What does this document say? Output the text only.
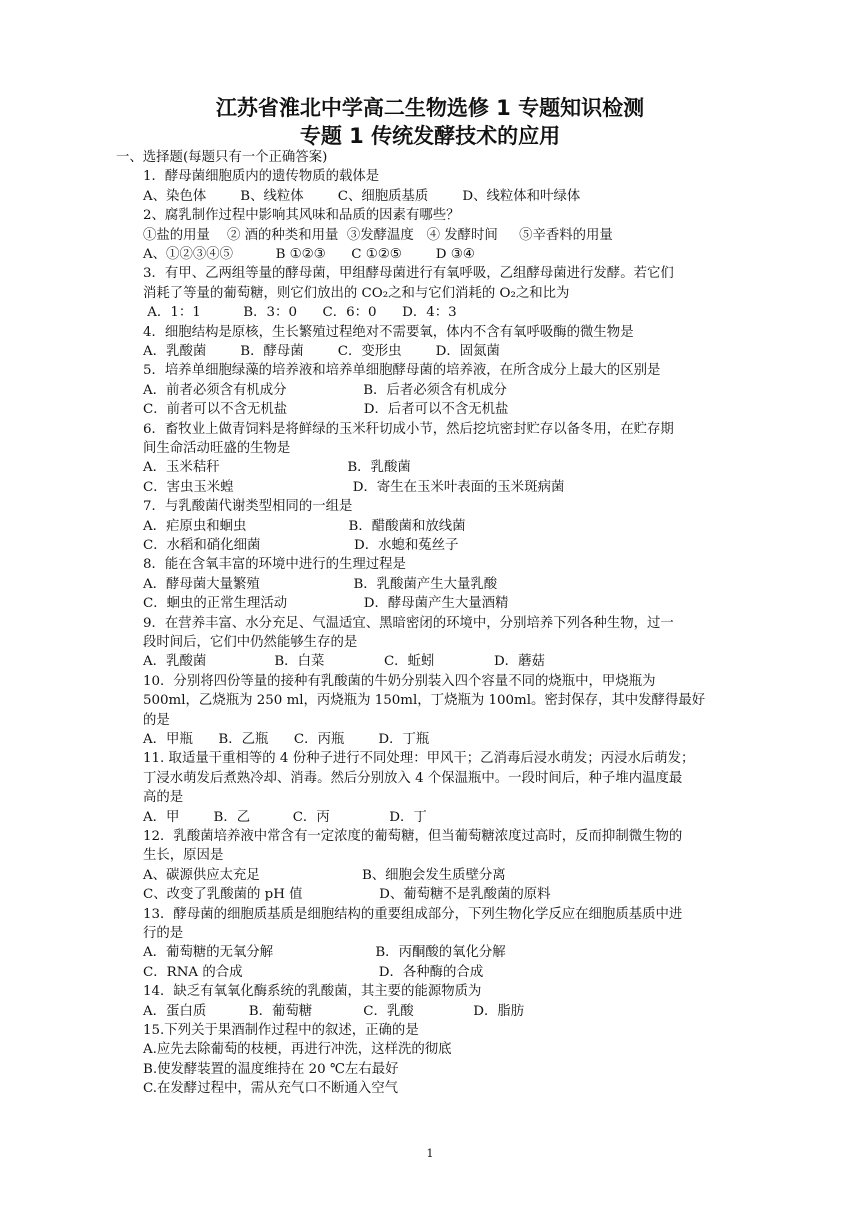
江苏省淮北中学高二生物选修 1 专题知识检测
专题 1 传统发酵技术的应用
一、选择题(每题只有一个正确答案)
1．酵母菌细胞质内的遗传物质的载体是
A、染色体        B、线粒体        C、细胞质基质        D、线粒体和叶绿体
2、腐乳制作过程中影响其风味和品质的因素有哪些？
①盐的用量    ② 酒的种类和用量  ③发酵温度   ④ 发酵时间     ⑤辛香料的用量
A、①②③④⑤          B ①②③      C ①②⑤        D ③④
3．有甲、乙两组等量的酵母菌，甲组酵母菌进行有氧呼吸，乙组酵母菌进行发酵。若它们
消耗了等量的葡萄糖，则它们放出的 CO₂之和与它们消耗的 O₂之和比为
A．1：1          B．3：0      C．6：0      D．4：3
4．细胞结构是原核，生长繁殖过程绝对不需要氧，体内不含有氧呼吸酶的微生物是
A．乳酸菌        B．酵母菌        C．变形虫        D．固氮菌
5．培养单细胞绿藻的培养液和培养单细胞酵母菌的培养液，在所含成分上最大的区别是
A．前者必须含有机成分                  B．后者必须含有机成分
C．前者可以不含无机盐                  D．后者可以不含无机盐
6．畜牧业上做青饲料是将鲜绿的玉米秆切成小节，然后挖坑密封贮存以备冬用，在贮存期
间生命活动旺盛的生物是
A．玉米秸秆                              B．乳酸菌
C．害虫玉米蝗                            D．寄生在玉米叶表面的玉米斑病菌
7．与乳酸菌代谢类型相同的一组是
A．疟原虫和蛔虫                        B．醋酸菌和放线菌
C．水稻和硝化细菌                      D．水螅和菟丝子
8．能在含氧丰富的环境中进行的生理过程是
A．酵母菌大量繁殖                      B．乳酸菌产生大量乳酸
C．蛔虫的正常生理活动                  D．酵母菌产生大量酒精
9．在营养丰富、水分充足、气温适宜、黑暗密闭的环境中，分别培养下列各种生物，过一
段时间后，它们中仍然能够生存的是
A．乳酸菌                B．白菜              C．蚯蚓              D．蘑菇
10．分别将四份等量的接种有乳酸菌的牛奶分别装入四个容量不同的烧瓶中，甲烧瓶为
500ml，乙烧瓶为 250 ml，丙烧瓶为 150ml，丁烧瓶为 100ml。密封保存，其中发酵得最好
的是
A．甲瓶      B．乙瓶      C．丙瓶        D．丁瓶
11. 取适量干重相等的 4 份种子进行不同处理：甲风干；乙消毒后浸水萌发；丙浸水后萌发；
丁浸水萌发后煮熟冷却、消毒。然后分别放入 4 个保温瓶中。一段时间后，种子堆内温度最
高的是
A．甲        B．乙          C．丙              D．丁
12．乳酸菌培养液中常含有一定浓度的葡萄糖，但当葡萄糖浓度过高时，反而抑制微生物的
生长，原因是
A、碳源供应太充足                        B、细胞会发生质壁分离
C、改变了乳酸菌的 pH 值                  D、葡萄糖不是乳酸菌的原料
13．酵母菌的细胞质基质是细胞结构的重要组成部分，下列生物化学反应在细胞质基质中进
行的是
A．葡萄糖的无氧分解                        B．丙酮酸的氧化分解
C．RNA 的合成                                D．各种酶的合成
14．缺乏有氧氧化酶系统的乳酸菌，其主要的能源物质为
A．蛋白质          B．葡萄糖            C．乳酸              D．脂肪
15.下列关于果酒制作过程中的叙述，正确的是
A.应先去除葡萄的枝梗，再进行冲洗，这样洗的彻底
B.使发酵装置的温度维持在 20 ℃左右最好
C.在发酵过程中，需从充气口不断通入空气
1
